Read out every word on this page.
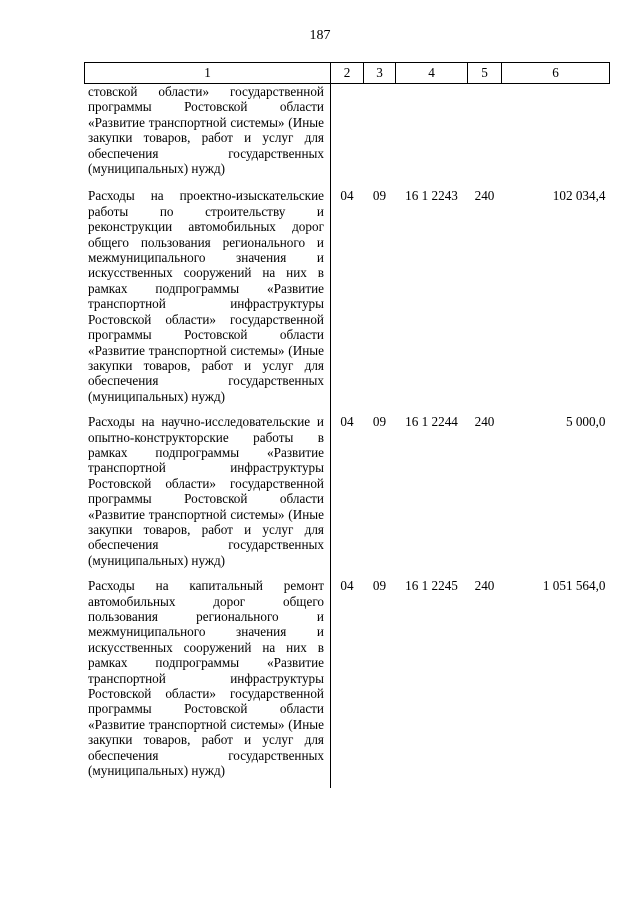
187
1	2	3	4	5	6
стовской области» государственной программы Ростовской области «Развитие транспортной системы» (Иные закупки товаров, работ и услуг для обеспечения государственных (муниципальных) нужд)					
Расходы на проектно-изыскательские работы по строительству и реконструкции автомобильных дорог общего пользования регионального и межмуниципального значения и искусственных сооружений на них в рамках подпрограммы «Развитие транспортной инфраструктуры Ростовской области» государственной программы Ростовской области «Развитие транспортной системы» (Иные закупки товаров, работ и услуг для обеспечения государственных (муниципальных) нужд)	04	09	16 1 2243	240	102 034,4
Расходы на научно-исследовательские и опытно-конструкторские работы в рамках подпрограммы «Развитие транспортной инфраструктуры Ростовской области» государственной программы Ростовской области «Развитие транспортной системы» (Иные закупки товаров, работ и услуг для обеспечения государственных (муниципальных) нужд)	04	09	16 1 2244	240	5 000,0
Расходы на капитальный ремонт автомобильных дорог общего пользования регионального и межмуниципального значения и искусственных сооружений на них в рамках подпрограммы «Развитие транспортной инфраструктуры Ростовской области» государственной программы Ростовской области «Развитие транспортной системы» (Иные закупки товаров, работ и услуг для обеспечения государственных (муниципальных) нужд)	04	09	16 1 2245	240	1 051 564,0
